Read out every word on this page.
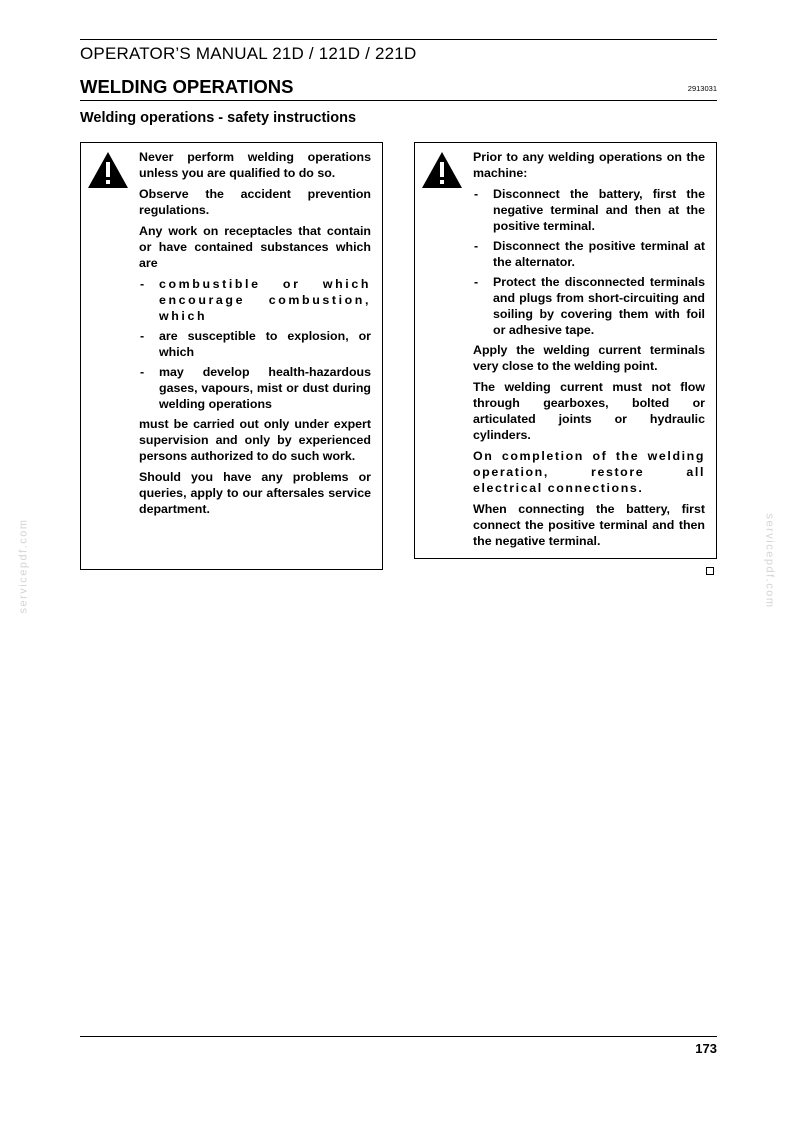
OPERATOR’S MANUAL 21D / 121D / 221D
WELDING OPERATIONS	2913031
Welding operations - safety instructions

Never perform welding operations unless you are qualified to do so.

Observe the accident prevention regulations.

Any work on receptacles that contain or have contained substances which are

- combustible or which encourage combustion, which
- are susceptible to explosion, or which
- may develop health-hazardous gases, vapours, mist or dust during welding operations

must be carried out only under expert supervision and only by experienced persons authorized to do such work.

Should you have any problems or queries, apply to our aftersales service department.

Prior to any welding operations on the machine:

- Disconnect the battery, first the negative terminal and then at the positive terminal.
- Disconnect the positive terminal at the alternator.
- Protect the disconnected terminals and plugs from short-circuiting and soiling by covering them with foil or adhesive tape.

Apply the welding current terminals very close to the welding point.

The welding current must not flow through gearboxes, bolted or articulated joints or hydraulic cylinders.

On completion of the welding operation, restore all electrical connections.

When connecting the battery, first connect the positive terminal and then the negative terminal.

servicepdf.com	servicepdf.com
173
